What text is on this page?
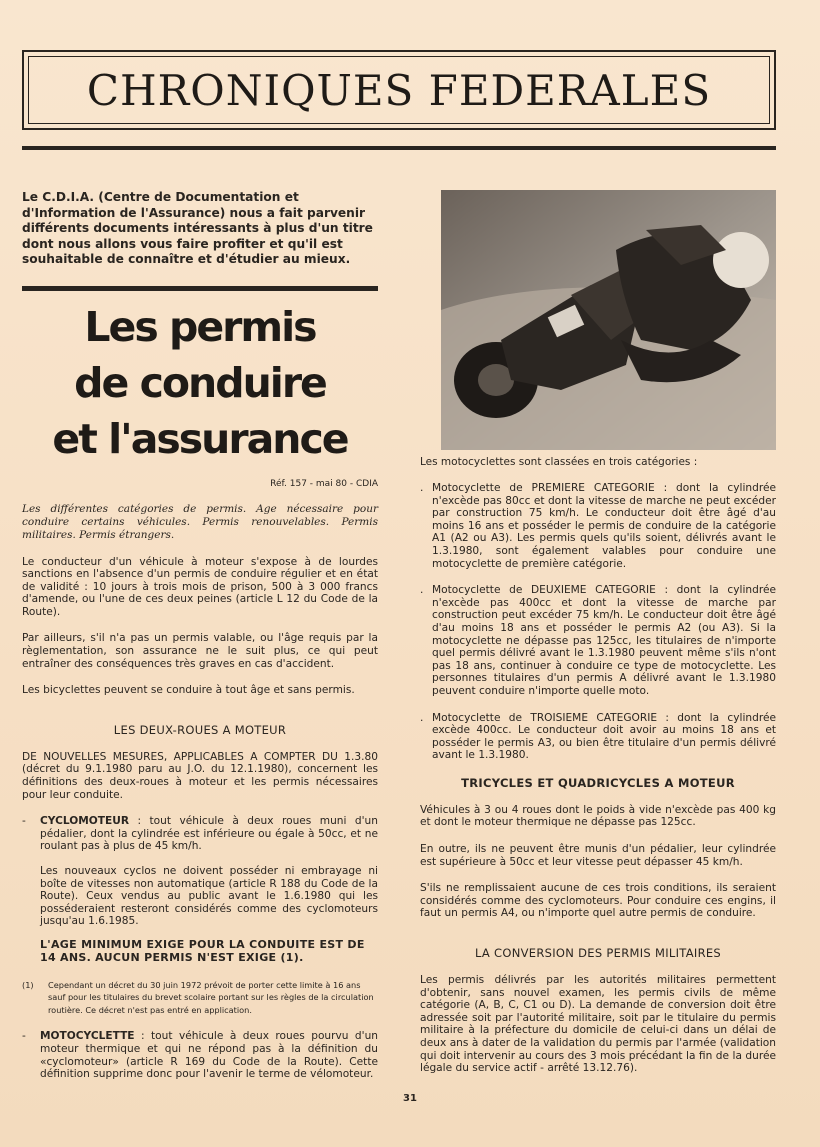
CHRONIQUES FEDERALES

Le C.D.I.A. (Centre de Documentation et d'Information de l'Assurance) nous a fait parvenir différents documents intéressants à plus d'un titre dont nous allons vous faire profiter et qu'il est souhaitable de connaître et d'étudier au mieux.

Les permis
de conduire
et l'assurance
Réf. 157 - mai 80 - CDIA
Les différentes catégories de permis. Age nécessaire pour conduire certains véhicules. Permis renouvelables. Permis militaires. Permis étrangers.

Le conducteur d'un véhicule à moteur s'expose à de lourdes sanctions en l'absence d'un permis de conduire régulier et en état de validité : 10 jours à trois mois de prison, 500 à 3 000 francs d'amende, ou l'une de ces deux peines (article L 12 du Code de la Route).

Par ailleurs, s'il n'a pas un permis valable, ou l'âge requis par la règlementation, son assurance ne le suit plus, ce qui peut entraîner des conséquences très graves en cas d'accident.

Les bicyclettes peuvent se conduire à tout âge et sans permis.

LES DEUX-ROUES A MOTEUR

DE NOUVELLES MESURES, APPLICABLES A COMPTER DU 1.3.80 (décret du 9.1.1980 paru au J.O. du 12.1.1980), concernent les définitions des deux-roues à moteur et les permis nécessaires pour leur conduite.

- CYCLOMOTEUR : tout véhicule à deux roues muni d'un pédalier, dont la cylindrée est inférieure ou égale à 50cc, et ne roulant pas à plus de 45 km/h.
Les nouveaux cyclos ne doivent posséder ni embrayage ni boîte de vitesses non automatique (article R 188 du Code de la Route). Ceux vendus au public avant le 1.6.1980 qui les posséderaient resteront considérés comme des cyclomoteurs jusqu'au 1.6.1985.
L'AGE MINIMUM EXIGE POUR LA CONDUITE EST DE 14 ANS. AUCUN PERMIS N'EST EXIGE (1).
(1) Cependant un décret du 30 juin 1972 prévoit de porter cette limite à 16 ans sauf pour les titulaires du brevet scolaire portant sur les règles de la circulation routière. Ce décret n'est pas entré en application.
- MOTOCYCLETTE : tout véhicule à deux roues pourvu d'un moteur thermique et qui ne répond pas à la définition du «cyclomoteur» (article R 169 du Code de la Route). Cette définition supprime donc pour l'avenir le terme de vélomoteur.

Les motocyclettes sont classées en trois catégories :

. Motocyclette de PREMIERE CATEGORIE : dont la cylindrée n'excède pas 80cc et dont la vitesse de marche ne peut excéder par construction 75 km/h. Le conducteur doit être âgé d'au moins 16 ans et posséder le permis de conduire de la catégorie A1 (A2 ou A3). Les permis quels qu'ils soient, délivrés avant le 1.3.1980, sont également valables pour conduire une motocyclette de première catégorie.
. Motocyclette de DEUXIEME CATEGORIE : dont la cylindrée n'excède pas 400cc et dont la vitesse de marche par construction peut excéder 75 km/h. Le conducteur doit être âgé d'au moins 18 ans et posséder le permis A2 (ou A3). Si la motocyclette ne dépasse pas 125cc, les titulaires de n'importe quel permis délivré avant le 1.3.1980 peuvent même s'ils n'ont pas 18 ans, continuer à conduire ce type de motocyclette. Les personnes titulaires d'un permis A délivré avant le 1.3.1980 peuvent conduire n'importe quelle moto.
. Motocyclette de TROISIEME CATEGORIE : dont la cylindrée excède 400cc. Le conducteur doit avoir au moins 18 ans et posséder le permis A3, ou bien être titulaire d'un permis délivré avant le 1.3.1980.
TRICYCLES ET QUADRICYCLES A MOTEUR

Véhicules à 3 ou 4 roues dont le poids à vide n'excède pas 400 kg et dont le moteur thermique ne dépasse pas 125cc.

En outre, ils ne peuvent être munis d'un pédalier, leur cylindrée est supérieure à 50cc et leur vitesse peut dépasser 45 km/h.

S'ils ne remplissaient aucune de ces trois conditions, ils seraient considérés comme des cyclomoteurs. Pour conduire ces engins, il faut un permis A4, ou n'importe quel autre permis de conduire.

LA CONVERSION DES PERMIS MILITAIRES

Les permis délivrés par les autorités militaires permettent d'obtenir, sans nouvel examen, les permis civils de même catégorie (A, B, C, C1 ou D). La demande de conversion doit être adressée soit par l'autorité militaire, soit par le titulaire du permis militaire à la préfecture du domicile de celui-ci dans un délai de deux ans à dater de la validation du permis par l'armée (validation qui doit intervenir au cours des 3 mois précédant la fin de la durée légale du service actif - arrêté 13.12.76).

31
